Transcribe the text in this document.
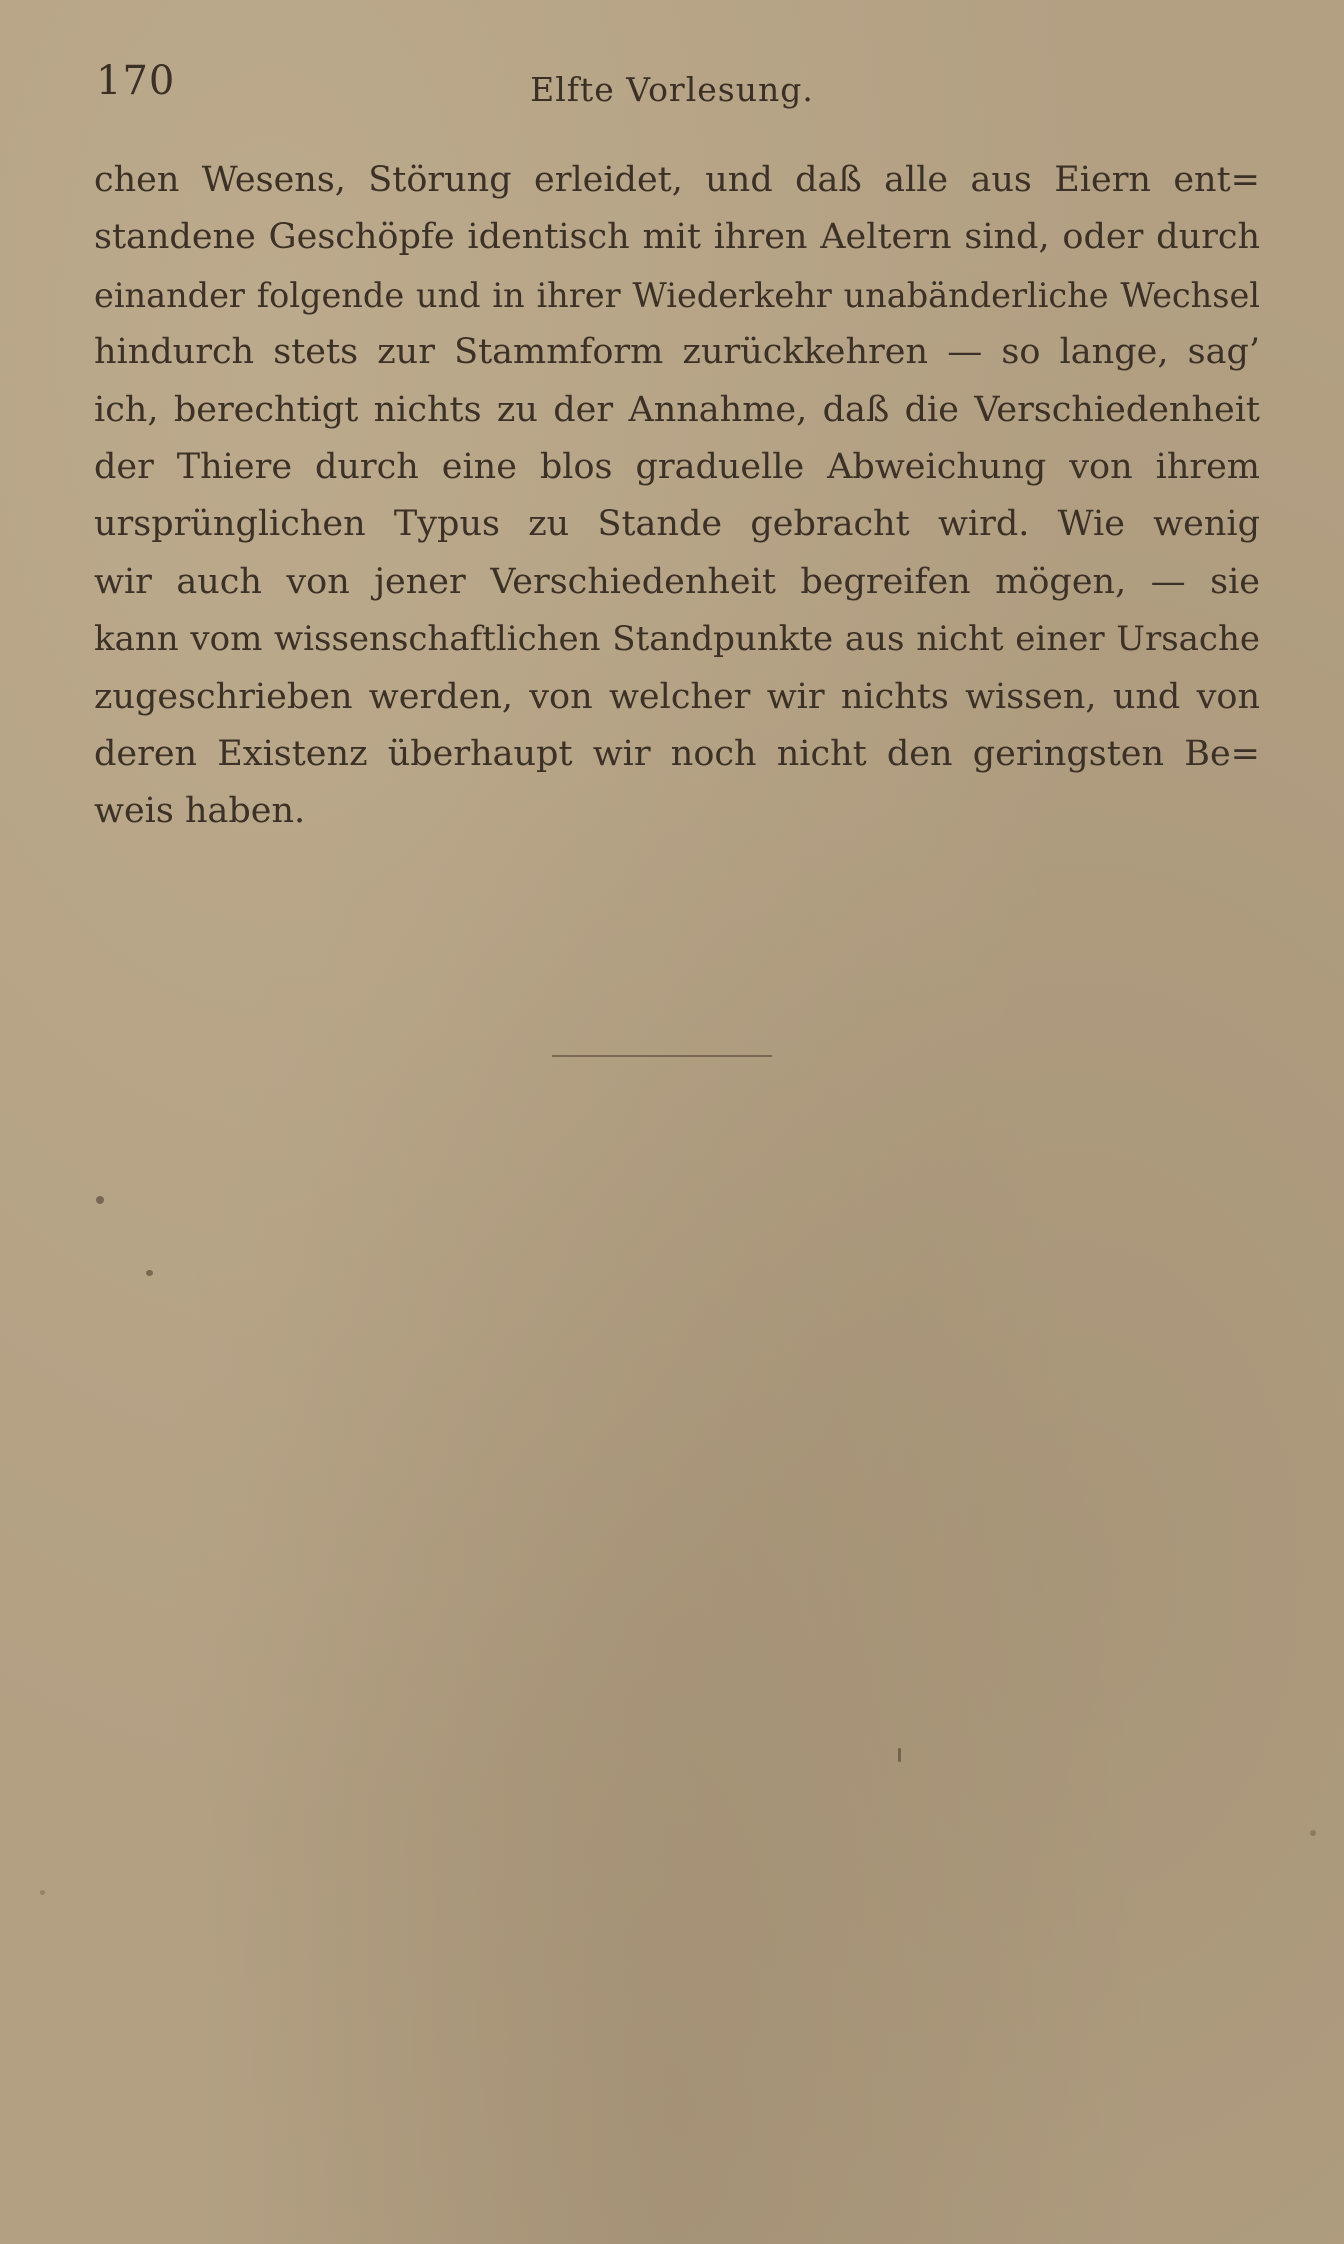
170	Elfte Vorlesung.
chen Wesens, Störung erleidet, und daß alle aus Eiern ent=
standene Geschöpfe identisch mit ihren Aeltern sind, oder durch
einander folgende und in ihrer Wiederkehr unabänderliche Wechsel
hindurch stets zur Stammform zurückkehren — so lange, sag’
ich, berechtigt nichts zu der Annahme, daß die Verschiedenheit
der Thiere durch eine blos graduelle Abweichung von ihrem
ursprünglichen Typus zu Stande gebracht wird. Wie wenig
wir auch von jener Verschiedenheit begreifen mögen, — sie
kann vom wissenschaftlichen Standpunkte aus nicht einer Ursache
zugeschrieben werden, von welcher wir nichts wissen, und von
deren Existenz überhaupt wir noch nicht den geringsten Be=
weis haben.
